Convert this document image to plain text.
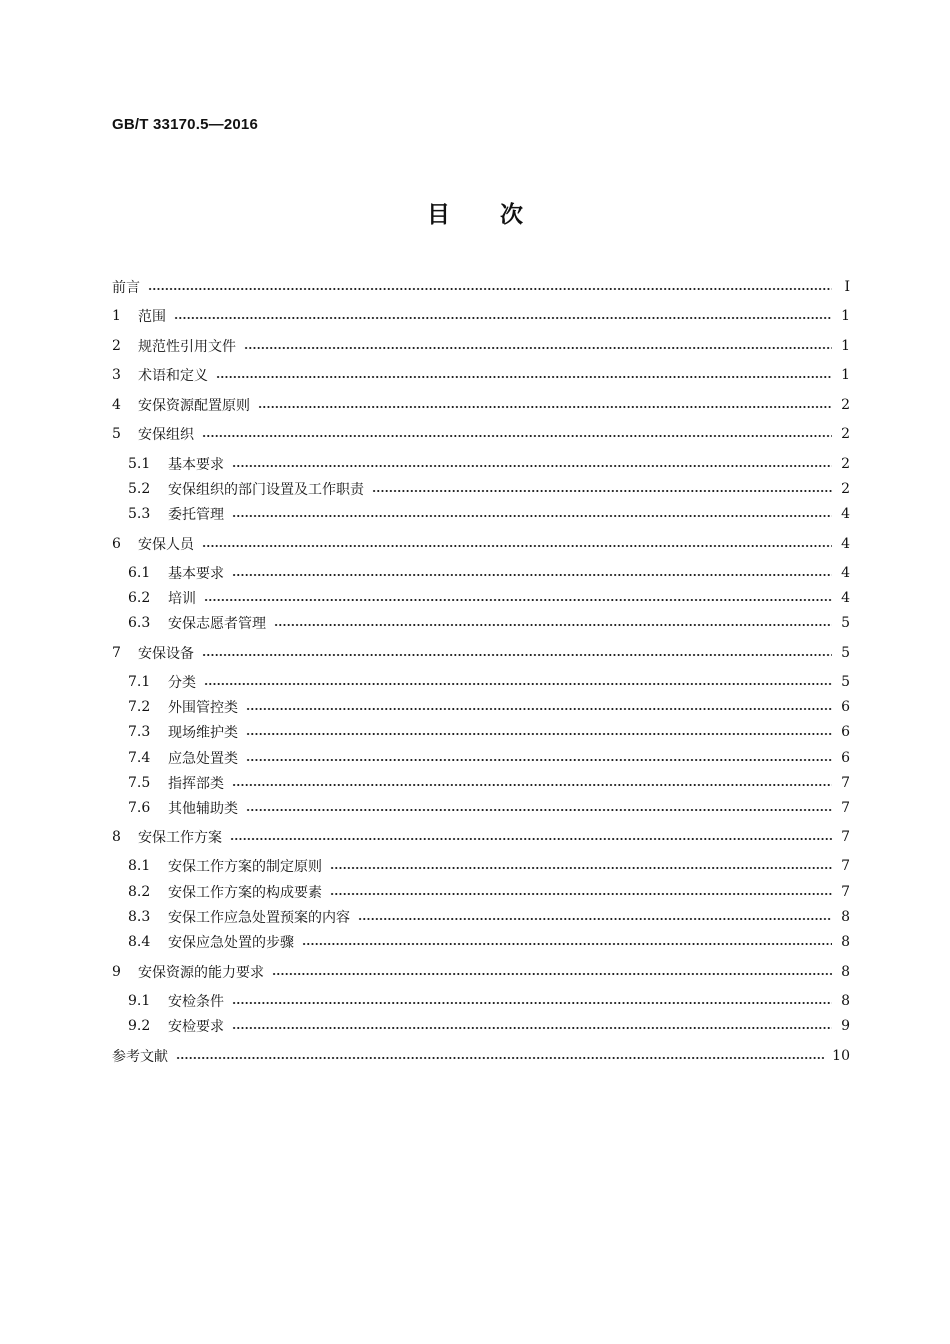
GB/T 33170.5—2016
目次
前言	Ⅰ
1	范围	1
2	规范性引用文件	1
3	术语和定义	1
4	安保资源配置原则	2
5	安保组织	2
5.1	基本要求	2
5.2	安保组织的部门设置及工作职责	2
5.3	委托管理	4
6	安保人员	4
6.1	基本要求	4
6.2	培训	4
6.3	安保志愿者管理	5
7	安保设备	5
7.1	分类	5
7.2	外围管控类	6
7.3	现场维护类	6
7.4	应急处置类	6
7.5	指挥部类	7
7.6	其他辅助类	7
8	安保工作方案	7
8.1	安保工作方案的制定原则	7
8.2	安保工作方案的构成要素	7
8.3	安保工作应急处置预案的内容	8
8.4	安保应急处置的步骤	8
9	安保资源的能力要求	8
9.1	安检条件	8
9.2	安检要求	9
参考文献	10
